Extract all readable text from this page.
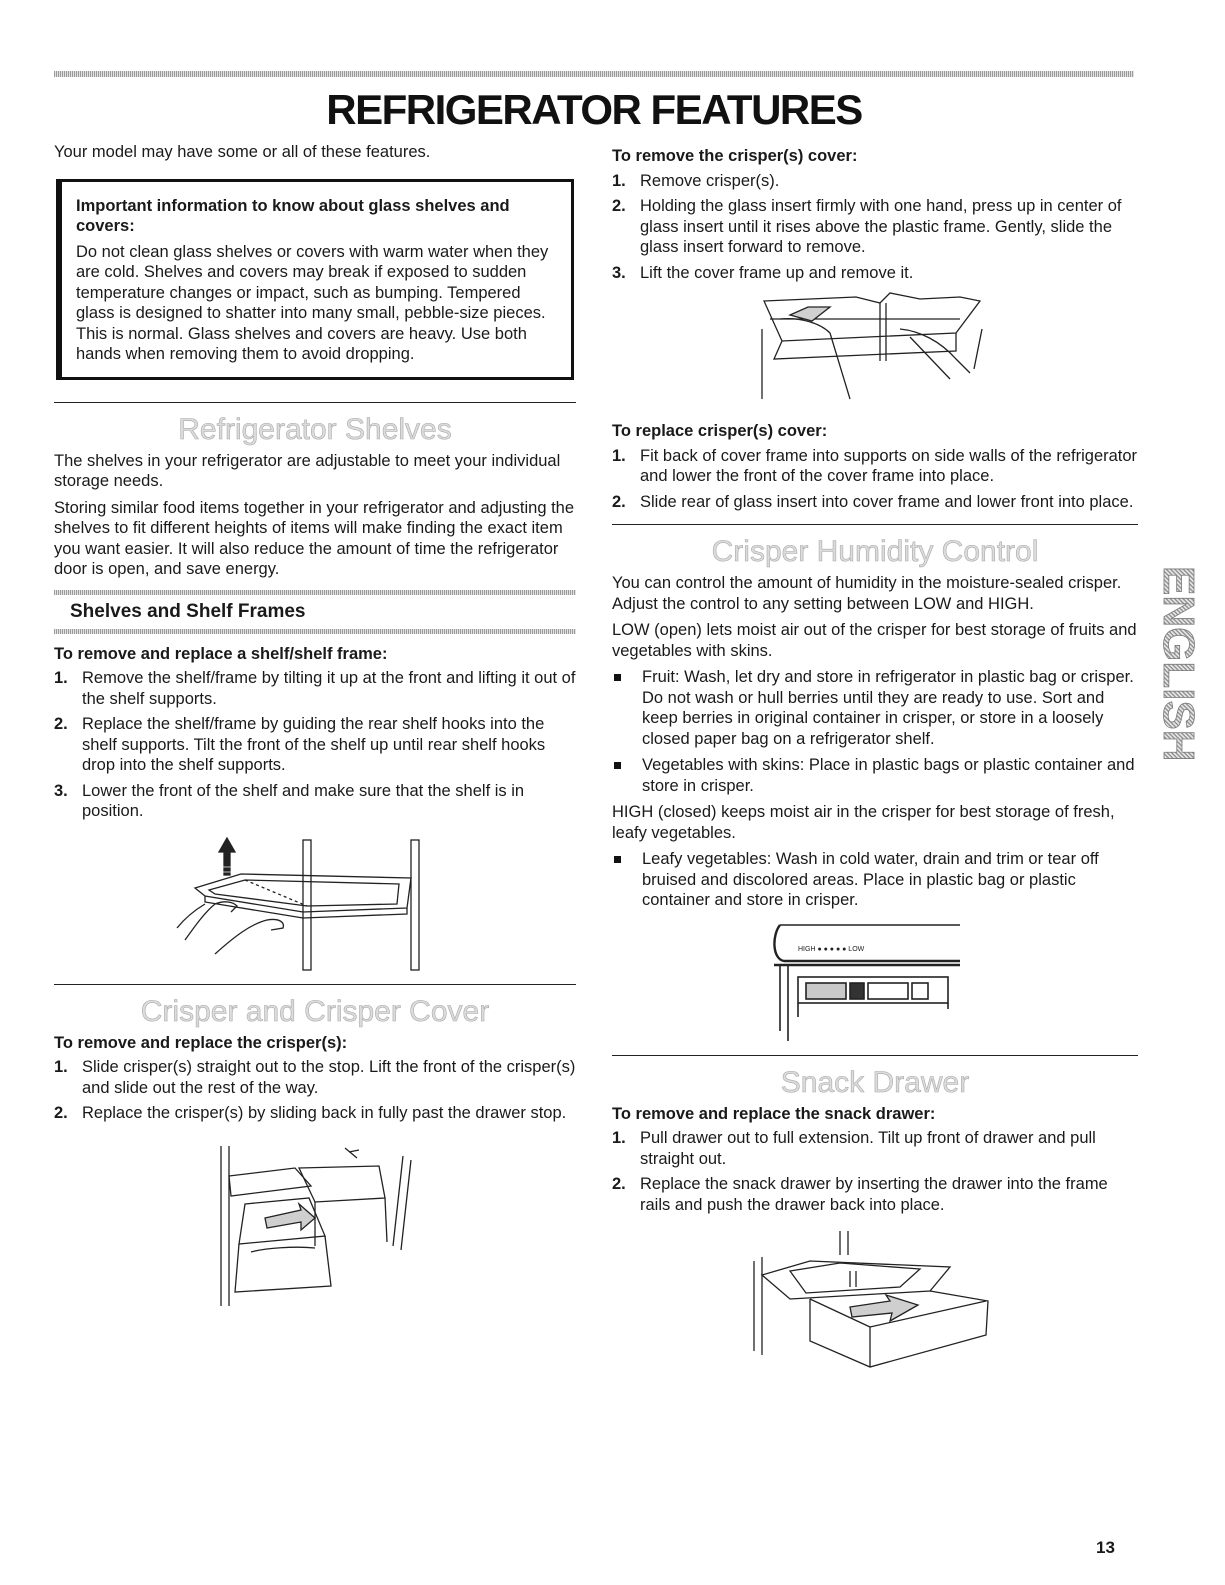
REFRIGERATOR FEATURES

Your model may have some or all of these features.

Important information to know about glass shelves and covers:

Do not clean glass shelves or covers with warm water when they are cold. Shelves and covers may break if exposed to sudden temperature changes or impact, such as bumping. Tempered glass is designed to shatter into many small, pebble-size pieces. This is normal. Glass shelves and covers are heavy. Use both hands when removing them to avoid dropping.

Refrigerator Shelves

The shelves in your refrigerator are adjustable to meet your individual storage needs.

Storing similar food items together in your refrigerator and adjusting the shelves to fit different heights of items will make finding the exact item you want easier. It will also reduce the amount of time the refrigerator door is open, and save energy.

Shelves and Shelf Frames

To remove and replace a shelf/shelf frame:

1. Remove the shelf/frame by tilting it up at the front and lifting it out of the shelf supports.
2. Replace the shelf/frame by guiding the rear shelf hooks into the shelf supports. Tilt the front of the shelf up until rear shelf hooks drop into the shelf supports.
3. Lower the front of the shelf and make sure that the shelf is in position.
Crisper and Crisper Cover

To remove and replace the crisper(s):

1. Slide crisper(s) straight out to the stop. Lift the front of the crisper(s) and slide out the rest of the way.
2. Replace the crisper(s) by sliding back in fully past the drawer stop.

To remove the crisper(s) cover:

1. Remove crisper(s).
2. Holding the glass insert firmly with one hand, press up in center of glass insert until it rises above the plastic frame. Gently, slide the glass insert forward to remove.
3. Lift the cover frame up and remove it.

To replace crisper(s) cover:

1. Fit back of cover frame into supports on side walls of the refrigerator and lower the front of the cover frame into place.
2. Slide rear of glass insert into cover frame and lower front into place.
Crisper Humidity Control

You can control the amount of humidity in the moisture-sealed crisper. Adjust the control to any setting between LOW and HIGH.

LOW (open) lets moist air out of the crisper for best storage of fruits and vegetables with skins.

Fruit: Wash, let dry and store in refrigerator in plastic bag or crisper. Do not wash or hull berries until they are ready to use. Sort and keep berries in original container in crisper, or store in a loosely closed paper bag on a refrigerator shelf.
Vegetables with skins: Place in plastic bags or plastic container and store in crisper.

HIGH (closed) keeps moist air in the crisper for best storage of fresh, leafy vegetables.

Leafy vegetables: Wash in cold water, drain and trim or tear off bruised and discolored areas. Place in plastic bag or plastic container and store in crisper.
HIGH ● ● ● ● ● LOW
Snack Drawer

To remove and replace the snack drawer:

1. Pull drawer out to full extension. Tilt up front of drawer and pull straight out.
2. Replace the snack drawer by inserting the drawer into the frame rails and push the drawer back into place.
ENGLISH
13
